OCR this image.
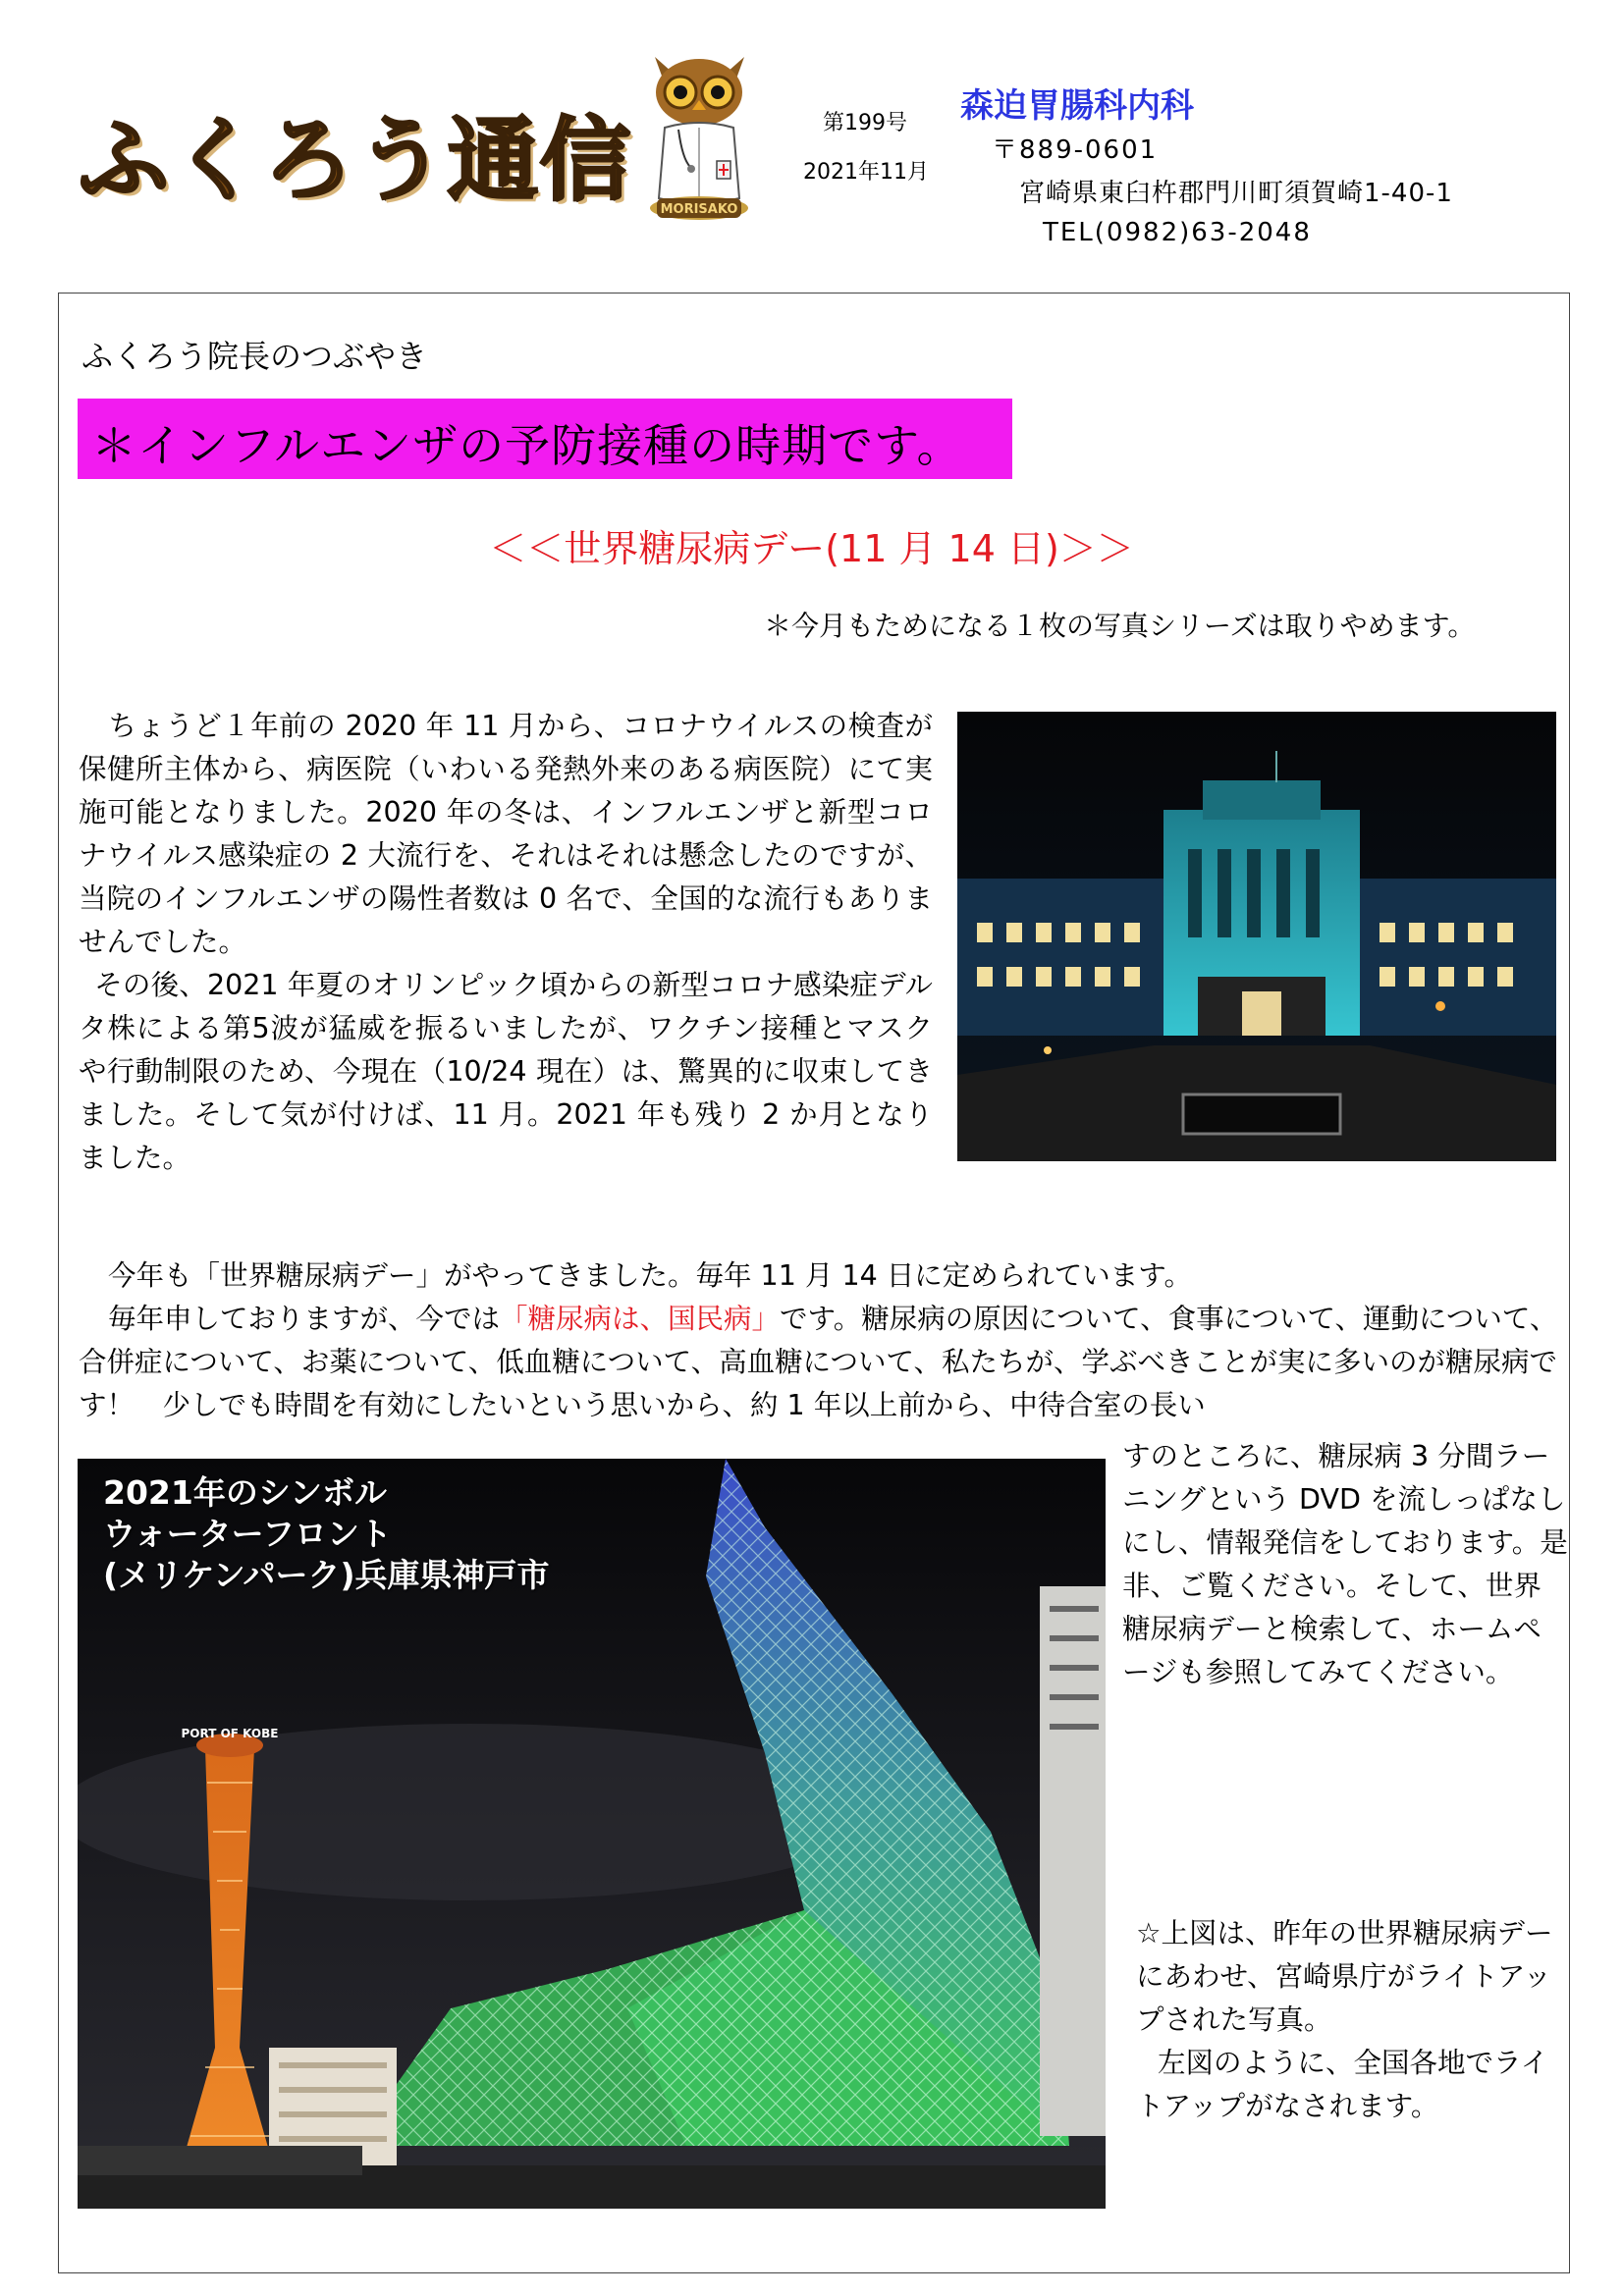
ふくろう通信 MORISAKO
第199号
2021年11月
森迫胃腸科内科
〒889-0601
宮崎県東臼杵郡門川町須賀崎1-40-1
TEL(0982)63-2048
ふくろう院長のつぶやき
＊インフルエンザの予防接種の時期です。
＜＜世界糖尿病デー(11 月 14 日)＞＞
＊今月もためになる１枚の写真シリーズは取りやめます。
ちょうど１年前の 2020 年 11 月から、コロナウイルスの検査が保健所主体から、病医院（いわいる発熱外来のある病医院）にて実施可能となりました。2020 年の冬は、インフルエンザと新型コロナウイルス感染症の 2 大流行を、それはそれは懸念したのですが、当院のインフルエンザの陽性者数は 0 名で、全国的な流行もありませんでした。
その後、2021 年夏のオリンピック頃からの新型コロナ感染症デルタ株による第5波が猛威を振るいましたが、ワクチン接種とマスクや行動制限のため、今現在（10/24 現在）は、驚異的に収束してきました。そして気が付けば、11 月。2021 年も残り 2 か月となりました。
今年も「世界糖尿病デー」がやってきました。毎年 11 月 14 日に定められています。
毎年申しておりますが、今では「糖尿病は、国民病」です。糖尿病の原因について、食事について、運動について、合併症について、お薬について、低血糖について、高血糖について、私たちが、学ぶべきことが実に多いのが糖尿病です！　少しでも時間を有効にしたいという思いから、約 1 年以上前から、中待合室の長い
すのところに、糖尿病 3 分間ラーニングという DVD を流しっぱなしにし、情報発信をしております。是非、ご覧ください。そして、世界糖尿病デーと検索して、ホームページも参照してみてください。
☆上図は、昨年の世界糖尿病デーにあわせ、宮崎県庁がライトアップされた写真。
左図のように、全国各地でライトアップがなされます。
PORT OF KOBE
2021年のシンボル
ウォーターフロント
(メリケンパーク)兵庫県神戸市
